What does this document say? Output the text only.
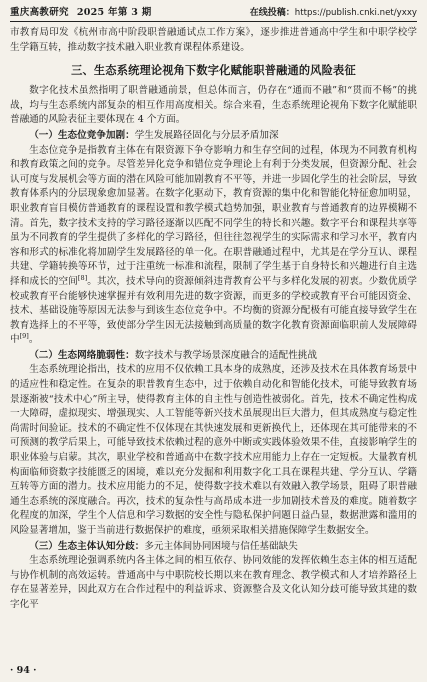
重庆高教研究 2025 年第 3 期	在线投稿：https://publish.cnki.net/yxxy

市教育局印发《杭州市高中阶段职普融通试点工作方案》，逐步推进普通高中学生和中职学校学生学籍互转，推动数字技术融入职业教育课程体系建设。

三、生态系统理论视角下数字化赋能职普融通的风险表征

数字化技术虽然指明了职普融通前景，但总体而言，仍存在“通而不融”和“贯而不畅”的挑战，均与生态系统内部复杂的相互作用高度相关。综合来看，生态系统理论视角下数字化赋能职普融通的风险表征主要体现在 4 个方面。

（一）生态位竞争加剧：学生发展路径固化与分层矛盾加深

生态位竞争是指教育主体在有限资源下争夺影响力和生存空间的过程，体现为不同教育机构和教育政策之间的竞争。尽管差异化竞争和错位竞争理论上有利于分类发展，但资源分配、社会认可度与发展机会等方面的潜在风险可能加剧教育不平等，并进一步固化学生的社会阶层，导致教育体系内的分层现象愈加显著。在数字化驱动下，教育资源的集中化和智能化特征愈加明显，职业教育盲目模仿普通教育的课程设置和教学模式趋势加强，职业教育与普通教育的边界模糊不清。首先，数字技术支持的学习路径逐渐以匹配不同学生的特长和兴趣。数字平台和课程共享等虽为不同教育的学生提供了多样化的学习路径，但往往忽视学生的实际需求和学习水平，教育内容和形式的标准化将加剧学生发展路径的单一化。在职普融通过程中，尤其是在学分互认、课程共建、学籍转换等环节，过于注重统一标准和流程，限制了学生基于自身特长和兴趣进行自主选择和成长的空间[8]。其次，技术导向的资源倾斜违背教育公平与多样化发展的初衷。少数优质学校或教育平台能够快速掌握并有效利用先进的数字资源，而更多的学校或教育平台可能因资金、技术、基础设施等原因无法参与到该生态位竞争中。不均衡的资源分配极有可能直接导致学生在教育选择上的不平等，致使部分学生因无法接触到高质量的数字化教育资源面临职前人发展障碍中[9]。

（二）生态网络脆弱性：数字技术与教学场景深度融合的适配性挑战

生态系统理论指出，技术的应用不仅依赖工具本身的成熟度，还涉及技术在具体教育场景中的适应性和稳定性。在复杂的职普教育生态中，过于依赖自动化和智能化技术，可能导致教育场景逐渐被“技术中心”所主导，使得教育主体的自主性与创造性被弱化。首先，技术不确定性构成一大障碍，虚拟现实、增强现实、人工智能等新兴技术虽展现出巨大潜力，但其成熟度与稳定性尚需时间验证。技术的不确定性不仅体现在其快速发展和更新换代上，还体现在其可能带来的不可预测的教学后果上，可能导致技术依赖过程的意外中断或实践体验效果不佳，直接影响学生的职业体验与启蒙。其次，职业学校和普通高中在数字技术应用能力上存在一定短板。大量教育机构面临师资数字技能匮乏的困境，难以充分发掘和利用数字化工具在课程共建、学分互认、学籍互转等方面的潜力。技术应用能力的不足，使得数字技术难以有效融入教学场景，阻碍了职普融通生态系统的深度融合。再次，技术的复杂性与高昂成本进一步加剧技术普及的难度。随着数字化程度的加深，学生个人信息和学习数据的安全性与隐私保护问题日益凸显，数据泄露和滥用的风险显著增加，鉴于当前进行数据保护的难度，亟须采取相关措施保障学生数据安全。

（三）生态主体认知分歧：多元主体间协同困境与信任基础缺失

生态系统理论强调系统内各主体之间的相互依存、协同效能的发挥依赖生态主体的相互适配与协作机制的高效运转。普通高中与中职院校长期以来在教育理念、教学模式和人才培养路径上存在显著差异，因此双方在合作过程中的利益诉求、资源整合及文化认知分歧可能导致其建的数字化平

· 94 ·
